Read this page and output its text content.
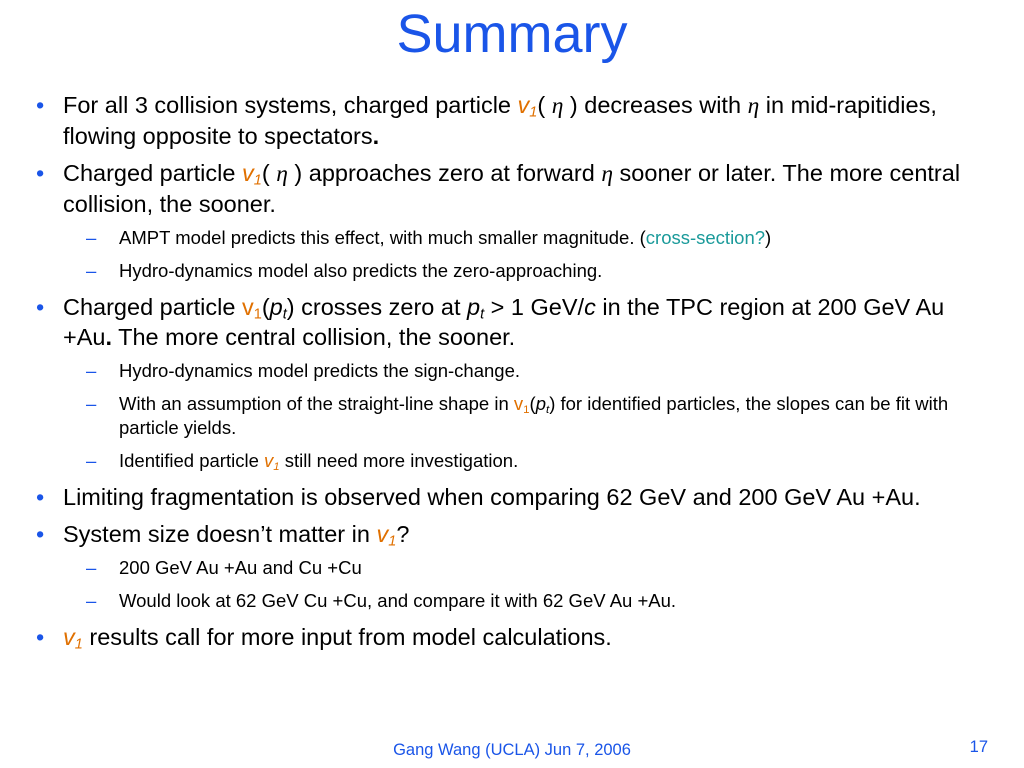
Summary
• For all 3 collision systems, charged particle $v_1$( η ) decreases with η in mid-rapitidies, flowing opposite to spectators.
• Charged particle $v_1$( η ) approaches zero at forward η sooner or later. The more central collision, the sooner.
– AMPT model predicts this effect, with much smaller magnitude. (cross-section?)
– Hydro-dynamics model also predicts the zero-approaching.
• Charged particle $v_1(p_t)$ crosses zero at $p_t > 1$ GeV/c in the TPC region at 200 GeV Au +Au. The more central collision, the sooner.
– Hydro-dynamics model predicts the sign-change.
– With an assumption of the straight-line shape in $v_1(p_t)$ for identified particles, the slopes can be fit with particle yields.
– Identified particle $v_1$ still need more investigation.
• Limiting fragmentation is observed when comparing 62 GeV and 200 GeV Au +Au.
• System size doesn’t matter in $v_1$?
– 200 GeV Au +Au and Cu +Cu
– Would look at 62 GeV Cu +Cu, and compare it with 62 GeV Au +Au.
• $v_1$ results call for more input from model calculations.
Gang Wang (UCLA) Jun 7, 2006	17
